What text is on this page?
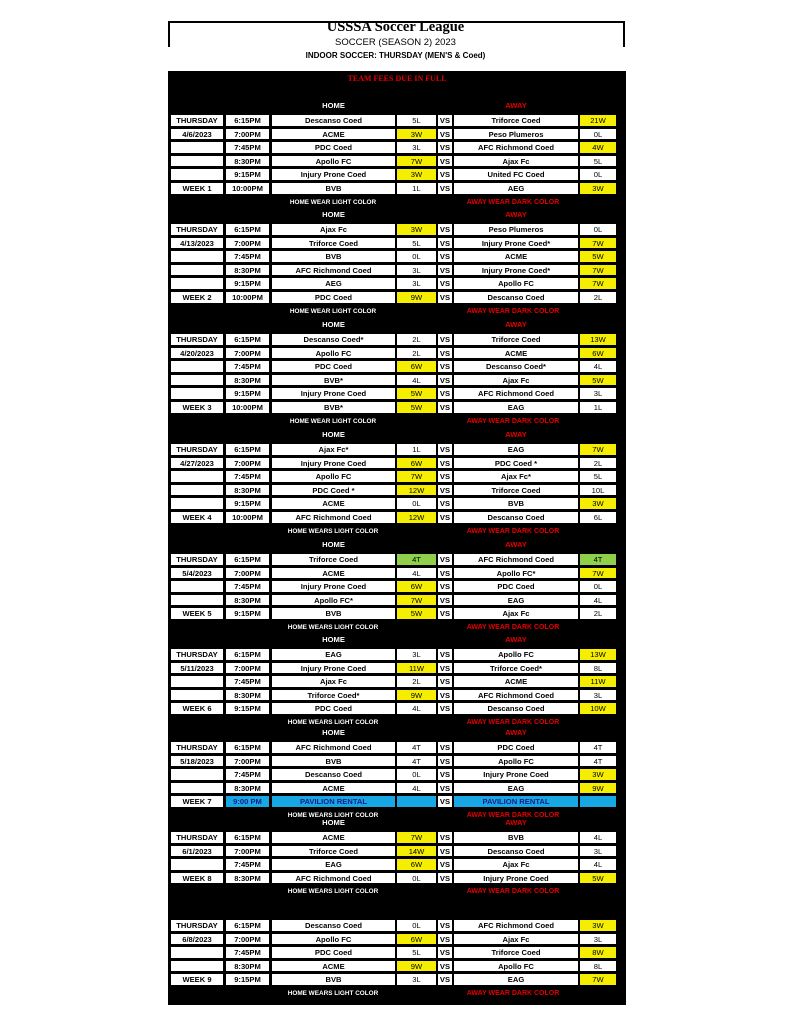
USSSA Soccer League
SOCCER (SEASON 2) 2023
INDOOR SOCCER: THURSDAY (MEN'S & Coed)
TEAM FEES DUE IN FULL
HOME	AWAY
THURSDAY	6:15PM	Descanso Coed	5L	VS	Triforce Coed	21W
4/6/2023	7:00PM	ACME	3W	VS	Peso Plumeros	0L
7:45PM	PDC Coed	3L	VS	AFC Richmond Coed	4W
8:30PM	Apollo FC	7W	VS	Ajax Fc	5L
9:15PM	Injury Prone Coed	3W	VS	United FC Coed	0L
WEEK 1	10:00PM	BVB	1L	VS	AEG	3W
HOME WEAR LIGHT COLOR	AWAY WEAR DARK COLOR
HOME	AWAY
THURSDAY	6:15PM	Ajax Fc	3W	VS	Peso Plumeros	0L
4/13/2023	7:00PM	Triforce Coed	5L	VS	Injury Prone Coed*	7W
7:45PM	BVB	0L	VS	ACME	5W
8:30PM	AFC Richmond Coed	3L	VS	Injury Prone Coed*	7W
9:15PM	AEG	3L	VS	Apollo FC	7W
WEEK 2	10:00PM	PDC Coed	9W	VS	Descanso Coed	2L
HOME WEAR LIGHT COLOR	AWAY WEAR DARK COLOR
HOME	AWAY
THURSDAY	6:15PM	Descanso Coed*	2L	VS	Triforce Coed	13W
4/20/2023	7:00PM	Apollo FC	2L	VS	ACME	6W
7:45PM	PDC Coed	6W	VS	Descanso Coed*	4L
8:30PM	BVB*	4L	VS	Ajax Fc	5W
9:15PM	Injury Prone Coed	5W	VS	AFC Richmond Coed	3L
WEEK 3	10:00PM	BVB*	5W	VS	EAG	1L
HOME WEAR LIGHT COLOR	AWAY WEAR DARK COLOR
HOME	AWAY
THURSDAY	6:15PM	Ajax Fc*	1L	VS	EAG	7W
4/27/2023	7:00PM	Injury Prone Coed	6W	VS	PDC Coed *	2L
7:45PM	Apollo FC	7W	VS	Ajax Fc*	5L
8:30PM	PDC Coed *	12W	VS	Triforce Coed	10L
9:15PM	ACME	0L	VS	BVB	3W
WEEK 4	10:00PM	AFC Richmond Coed	12W	VS	Descanso Coed	6L
HOME WEARS LIGHT COLOR	AWAY WEAR DARK COLOR
HOME	AWAY
THURSDAY	6:15PM	Triforce Coed	4T	VS	AFC Richmond Coed	4T
5/4/2023	7:00PM	ACME	4L	VS	Apollo FC*	7W
7:45PM	Injury Prone Coed	6W	VS	PDC Coed	0L
8:30PM	Apollo FC*	7W	VS	EAG	4L
WEEK 5	9:15PM	BVB	5W	VS	Ajax Fc	2L
HOME WEARS LIGHT COLOR	AWAY WEAR DARK COLOR
HOME	AWAY
THURSDAY	6:15PM	EAG	3L	VS	Apollo FC	13W
5/11/2023	7:00PM	Injury Prone Coed	11W	VS	Triforce Coed*	8L
7:45PM	Ajax Fc	2L	VS	ACME	11W
8:30PM	Triforce Coed*	9W	VS	AFC Richmond Coed	3L
WEEK 6	9:15PM	PDC Coed	4L	VS	Descanso Coed	10W
HOME WEARS LIGHT COLOR	AWAY WEAR DARK COLOR
HOME	AWAY
THURSDAY	6:15PM	AFC Richmond Coed	4T	VS	PDC Coed	4T
5/18/2023	7:00PM	BVB	4T	VS	Apollo FC	4T
7:45PM	Descanso Coed	0L	VS	Injury Prone Coed	3W
8:30PM	ACME	4L	VS	EAG	9W
WEEK 7	9:00 PM	PAVILION RENTAL	VS	PAVILION RENTAL
HOME WEARS LIGHT COLOR	AWAY WEAR DARK COLOR
HOME	AWAY
THURSDAY	6:15PM	ACME	7W	VS	BVB	4L
6/1/2023	7:00PM	Triforce Coed	14W	VS	Descanso Coed	3L
7:45PM	EAG	6W	VS	Ajax Fc	4L
WEEK 8	8:30PM	AFC Richmond Coed	0L	VS	Injury Prone Coed	5W
HOME WEARS LIGHT COLOR	AWAY WEAR DARK COLOR
THURSDAY	6:15PM	Descanso Coed	0L	VS	AFC Richmond Coed	3W
6/8/2023	7:00PM	Apollo FC	6W	VS	Ajax Fc	3L
7:45PM	PDC Coed	5L	VS	Triforce Coed	8W
8:30PM	ACME	9W	VS	Apollo FC	8L
WEEK 9	9:15PM	BVB	3L	VS	EAG	7W
HOME WEARS LIGHT COLOR	AWAY WEAR DARK COLOR
